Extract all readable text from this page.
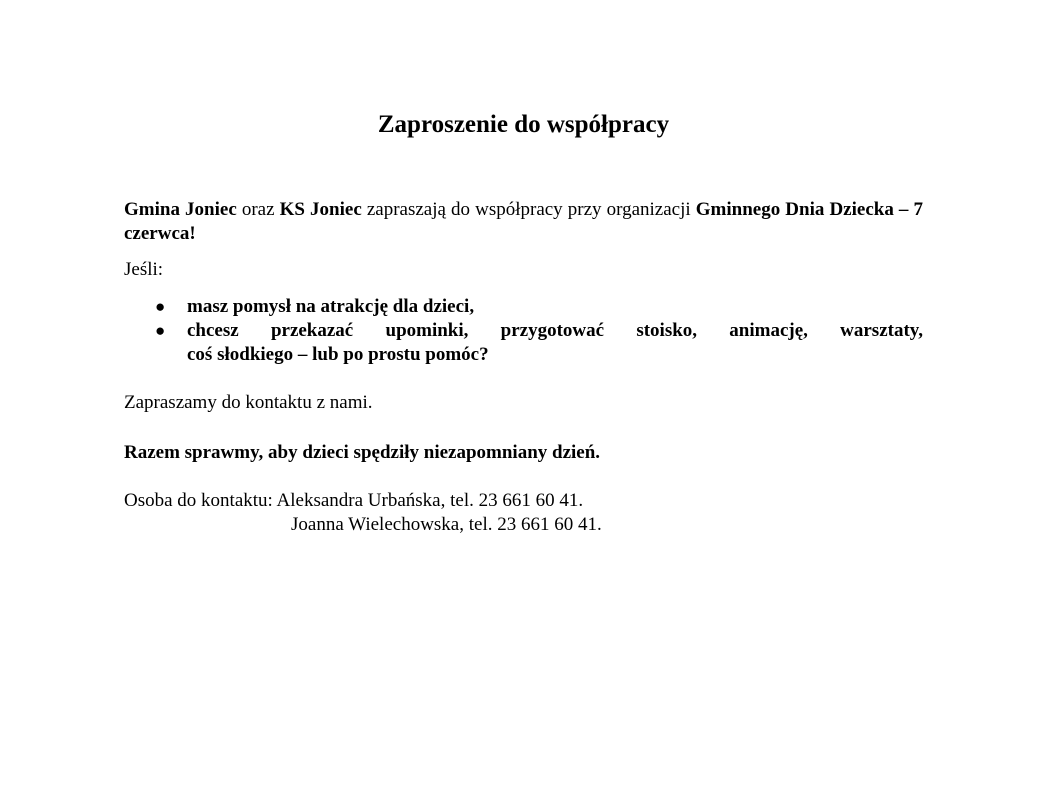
Zaproszenie do współpracy

Gmina Joniec oraz KS Joniec zapraszają do współpracy przy organizacji Gminnego Dnia Dziecka – 7 czerwca!

Jeśli:

● masz pomysł na atrakcję dla dzieci,
● chcesz przekazać upominki, przygotować stoisko, animację, warsztaty,
coś słodkiego – lub po prostu pomóc?

Zapraszamy do kontaktu z nami.

Razem sprawmy, aby dzieci spędziły niezapomniany dzień.

Osoba do kontaktu: Aleksandra Urbańska, tel. 23 661 60 41.
Joanna Wielechowska, tel. 23 661 60 41.
